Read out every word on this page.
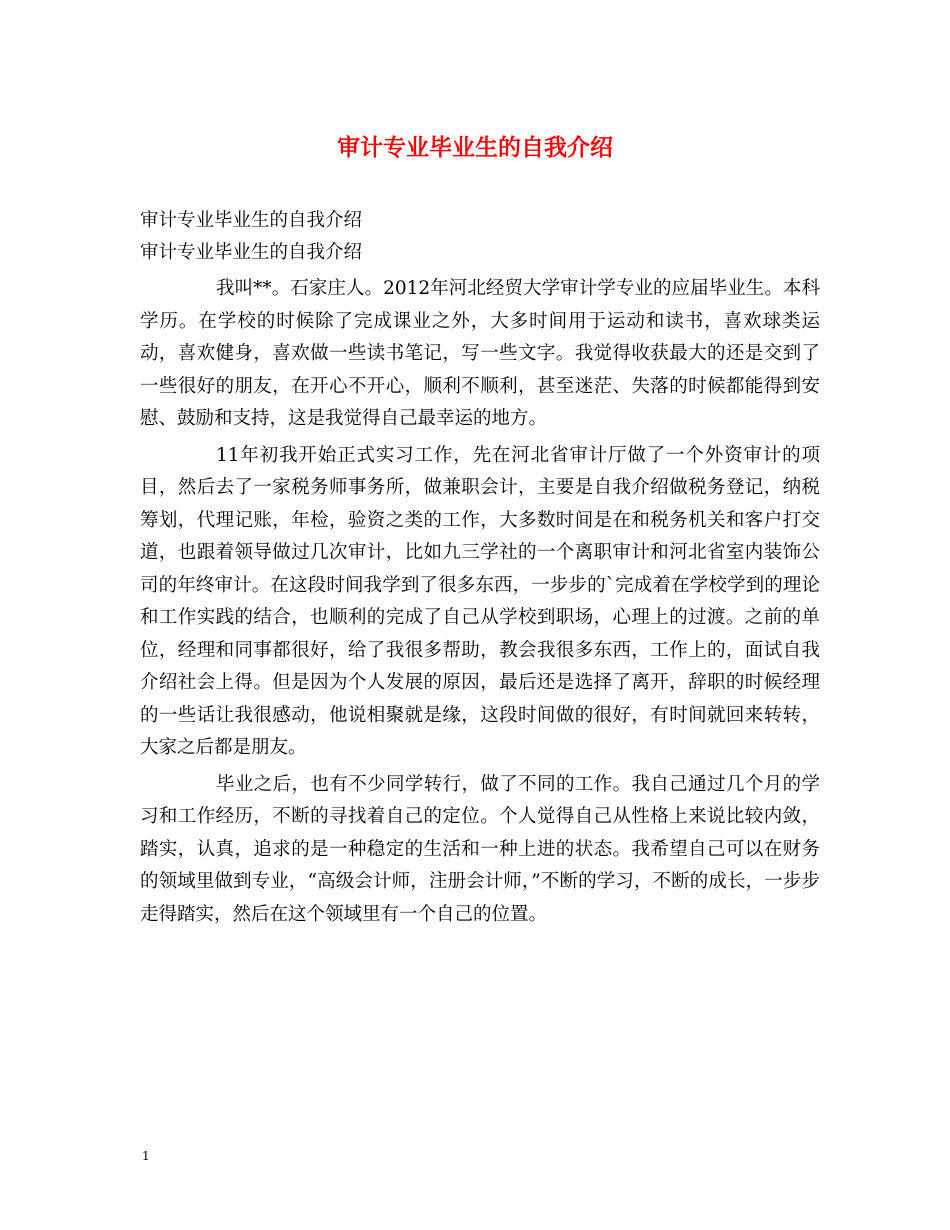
审计专业毕业生的自我介绍

审计专业毕业生的自我介绍

审计专业毕业生的自我介绍

我叫**。石家庄人。2012年河北经贸大学审计学专业的应届毕业生。本科学历。在学校的时候除了完成课业之外，大多时间用于运动和读书，喜欢球类运动，喜欢健身，喜欢做一些读书笔记，写一些文字。我觉得收获最大的还是交到了一些很好的朋友，在开心不开心，顺利不顺利，甚至迷茫、失落的时候都能得到安慰、鼓励和支持，这是我觉得自己最幸运的地方。

11年初我开始正式实习工作，先在河北省审计厅做了一个外资审计的项目，然后去了一家税务师事务所，做兼职会计，主要是自我介绍做税务登记，纳税筹划，代理记账，年检，验资之类的工作，大多数时间是在和税务机关和客户打交道，也跟着领导做过几次审计，比如九三学社的一个离职审计和河北省室内装饰公司的年终审计。在这段时间我学到了很多东西，一步步的`完成着在学校学到的理论和工作实践的结合，也顺利的完成了自己从学校到职场，心理上的过渡。之前的单位，经理和同事都很好，给了我很多帮助，教会我很多东西，工作上的，面试自我介绍社会上得。但是因为个人发展的原因，最后还是选择了离开，辞职的时候经理的一些话让我很感动，他说相聚就是缘，这段时间做的很好，有时间就回来转转，大家之后都是朋友。

毕业之后，也有不少同学转行，做了不同的工作。我自己通过几个月的学习和工作经历，不断的寻找着自己的定位。个人觉得自己从性格上来说比较内敛，踏实，认真，追求的是一种稳定的生活和一种上进的状态。我希望自己可以在财务的领域里做到专业，“高级会计师，注册会计师，”不断的学习，不断的成长，一步步走得踏实，然后在这个领域里有一个自己的位置。

1
